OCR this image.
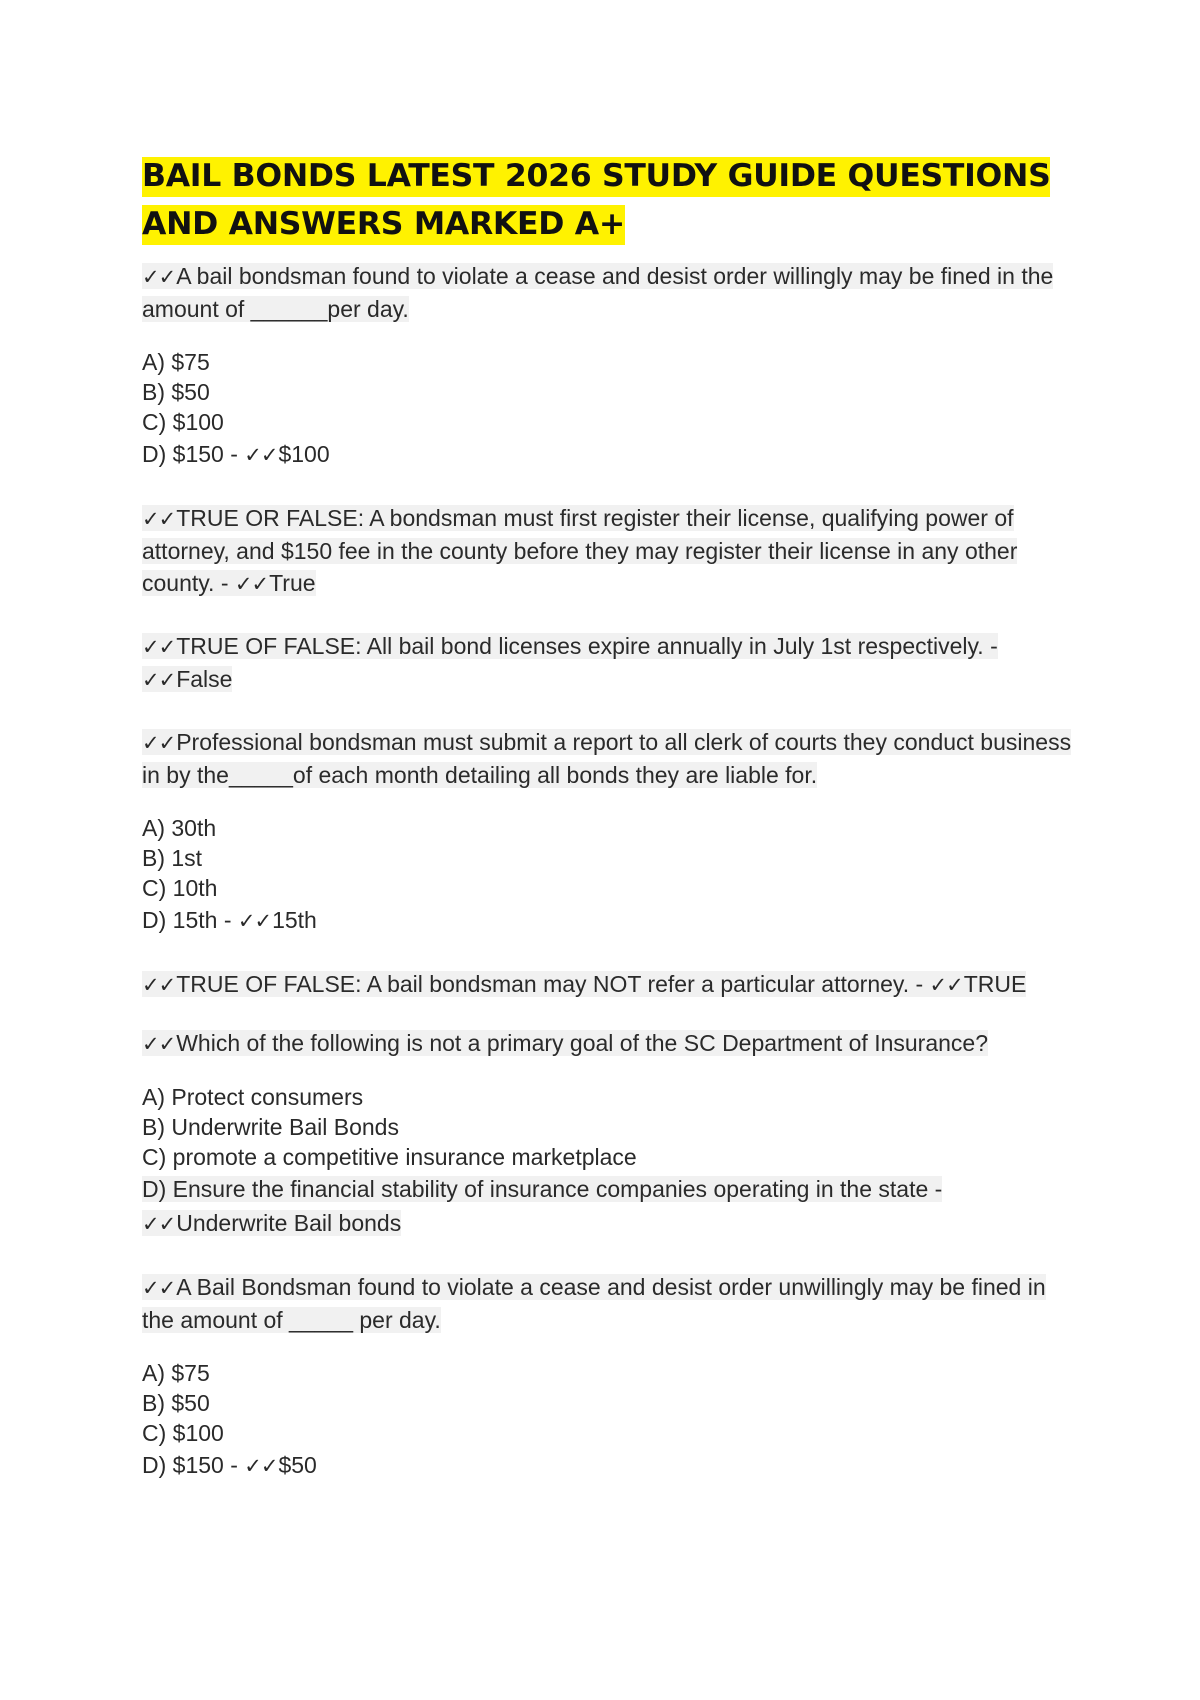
BAIL BONDS LATEST 2026 STUDY GUIDE QUESTIONS AND ANSWERS MARKED A+

✓✓A bail bondsman found to violate a cease and desist order willingly may be fined in the amount of ______per day.

A) $75
B) $50
C) $100
D) $150 - ✓✓$100

✓✓TRUE OR FALSE: A bondsman must first register their license, qualifying power of attorney, and $150 fee in the county before they may register their license in any other county. - ✓✓True

✓✓TRUE OF FALSE: All bail bond licenses expire annually in July 1st respectively. - ✓✓False

✓✓Professional bondsman must submit a report to all clerk of courts they conduct business in by the_____of each month detailing all bonds they are liable for.

A) 30th
B) 1st
C) 10th
D) 15th - ✓✓15th

✓✓TRUE OF FALSE: A bail bondsman may NOT refer a particular attorney. - ✓✓TRUE

✓✓Which of the following is not a primary goal of the SC Department of Insurance?

A) Protect consumers
B) Underwrite Bail Bonds
C) promote a competitive insurance marketplace
D) Ensure the financial stability of insurance companies operating in the state - ✓✓Underwrite Bail bonds

✓✓A Bail Bondsman found to violate a cease and desist order unwillingly may be fined in the amount of _____ per day.

A) $75
B) $50
C) $100
D) $150 - ✓✓$50
